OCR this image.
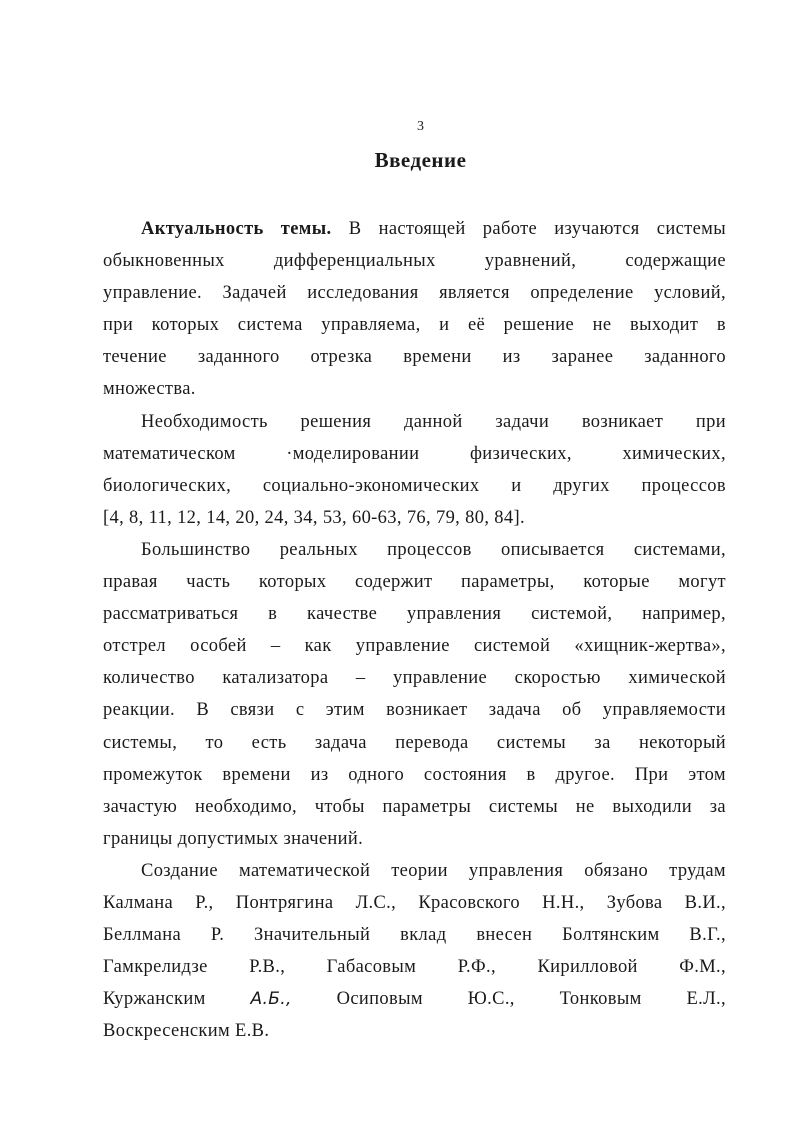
3
Введение
Актуальность темы. В настоящей работе изучаются системы
обыкновенных дифференциальных уравнений, содержащие
управление. Задачей исследования является определение условий,
при которых система управляема, и её решение не выходит в
течение заданного отрезка времени из заранее заданного
множества.
Необходимость решения данной задачи возникает при
математическом ·моделировании физических, химических,
биологических, социально-экономических и других процессов
[4, 8, 11, 12, 14, 20, 24, 34, 53, 60-63, 76, 79, 80, 84].
Большинство реальных процессов описывается системами,
правая часть которых содержит параметры, которые могут
рассматриваться в качестве управления системой, например,
отстрел особей – как управление системой «хищник-жертва»,
количество катализатора – управление скоростью химической
реакции. В связи с этим возникает задача об управляемости
системы, то есть задача перевода системы за некоторый
промежуток времени из одного состояния в другое. При этом
зачастую необходимо, чтобы параметры системы не выходили за
границы допустимых значений.
Создание математической теории управления обязано трудам
Калмана Р., Понтрягина Л.С., Красовского Н.Н., Зубова В.И.,
Беллмана Р. Значительный вклад внесен Болтянским В.Г.,
Гамкрелидзе Р.В., Габасовым Р.Ф., Кирилловой Ф.М.,
Куржанским	А.Б., Осиповым Ю.С., Тонковым Е.Л.,
Воскресенским Е.В.
